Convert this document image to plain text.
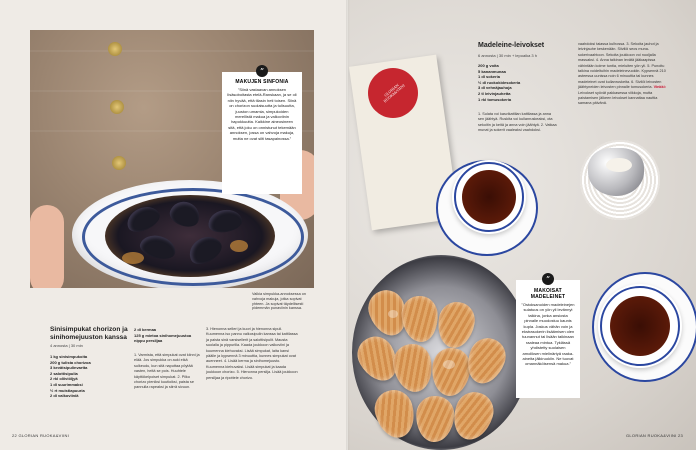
”
MAKUJEN SINFONIA
”Siinä vastaavan annoksen lisäsoboitasta etelä-Ranskaan, ja se oli niin hyvää, että tilasin heti toisen. Siinä on chorizon suolaisuutta ja tulisuutta, juuston umamia, simpukoiden merellistä makua ja valkoviinin hapokkuutta. Kaikkine aineosineen sitä, että joku on onnistunut tekemään annoksen, jossa on vahvoja makuja, mutta ne ovat silti tasapainossa.”
Valkia simpukka-annoksessa on vahvoja makuja, jotka sopivat yhteen. Ja sopivat täydellisesti pidemmän punaviinin kanssa.
Sinisimpukat chorizon ja sinihomejuuston kanssa
4 annosta | 30 min
1 kg sinisimpukoita
200 g tulista chorizoa
3 kevätsipulinvartta
2 salottisipulia
2 rkl oliiviöljyä
1 dl suurimmaksi
½ rt muistiapuuria
2 dl valkoviiniä
2 dl kermaa
125 g mietoa sinihomejuustoa
nippu persiljaa
1. Varmista, että simpukat ovat kiinni ja elää. Jos simpukka on auki eikä sulkeudu, kun sitä naputtaa pöytää vasten, heitä se pois. Huuhtele käyttökelpoiset simpukat. 2. Pilko chorizo pieniksi kuutioiksi, paista se pannulla rapeaksi ja siirrä sivuun.
3. Hienonna selleri ja kuori ja hienonna sipuli. Kuumenna iso pannu valkosipulin kanssa tai kattilassa ja paista sinä varsisellerit ja salottisipulit. Mausta suolalla ja pippurilla. Kaada joukkoon valkoviini ja kuumenna kiehuvaksi. Lisää simpukat, laita kansi päälle ja kypsennä 3 minuuttia, kunnes simpukat ovat auenneet. 4. Lisää kerma ja sinihomejuusto. Kuumenna kiehuvaksi. Lisää simpukat ja kaada joukkoon chorizo. 5. Hienonna persilja. Lisää joukkoon persiljaa ja ripottele chorizo.
22 GLORIAN RUOKA&VIINI
GLORIAN RUOKA&VIINI
Madeleine-leivokset
6 annosta | 30 min + lepoaika 3 h
200 g voita
5 kananmunaa
1 dl sokeria
½ dl ruokokidesokeria
3 dl vehnäjauhoja
2 tl leivinjauhetta
1 rkl tomusokeria
1. Sulata voi kasvikattilan kattilassa ja anna sen jäähtyä. Ruskita voi kullanruskeaksi, ota sekoitin ja keitä ja anna voin jäähtyä. 2. Vatkaa munat ja sokerit vaaleaksi vaahdoksi.
vaahdoksi taiassa kulhossa. 3. Sekoita jauhot ja leivinjauhe keskenään. Siivilöi seos muna-sokerivaahtoon. Sekoita joukkoon voi nuoljalla massaksi. 4. Anna taikinan levätä jääkaapissa vähintään kolme tuntia, mieluiten yön yli. 5. Punoitu taikina voideltuihin madeleinevuokiin. Kypsennä 210 asteessa uunissa noin 6 minuuttia tai kunnes madeleinet ovat kullanruskeita. 6. Sivilöi leivosten jäähtyneiden leivosten pinnalle tomusokeria. Vinkki: Leivokset syövät pakkasessa viikkoja, mutta paistamisen jälkeen leivokset kannattaa nauttia samana päivänä.
”
MAKOISAT MADELEINET
”Ostoksanoiden madeleinejen sulatuus on yön yli levännyt taikina, jonka ansiosta pinnalle muodostuu kaunis kupla. Joskus vähän voin ja ekstrasokerin lisäämisen olen tuunannut tai lisään taikinaan raaleaa mintua. Tyklässä yhdistetty suolaisen amoliksen mielinärtyä raaka-aineita jälkiruokiin. Ne tuovat omannäköisensä makua.”
GLORIAN RUOKA&VIINI 23
